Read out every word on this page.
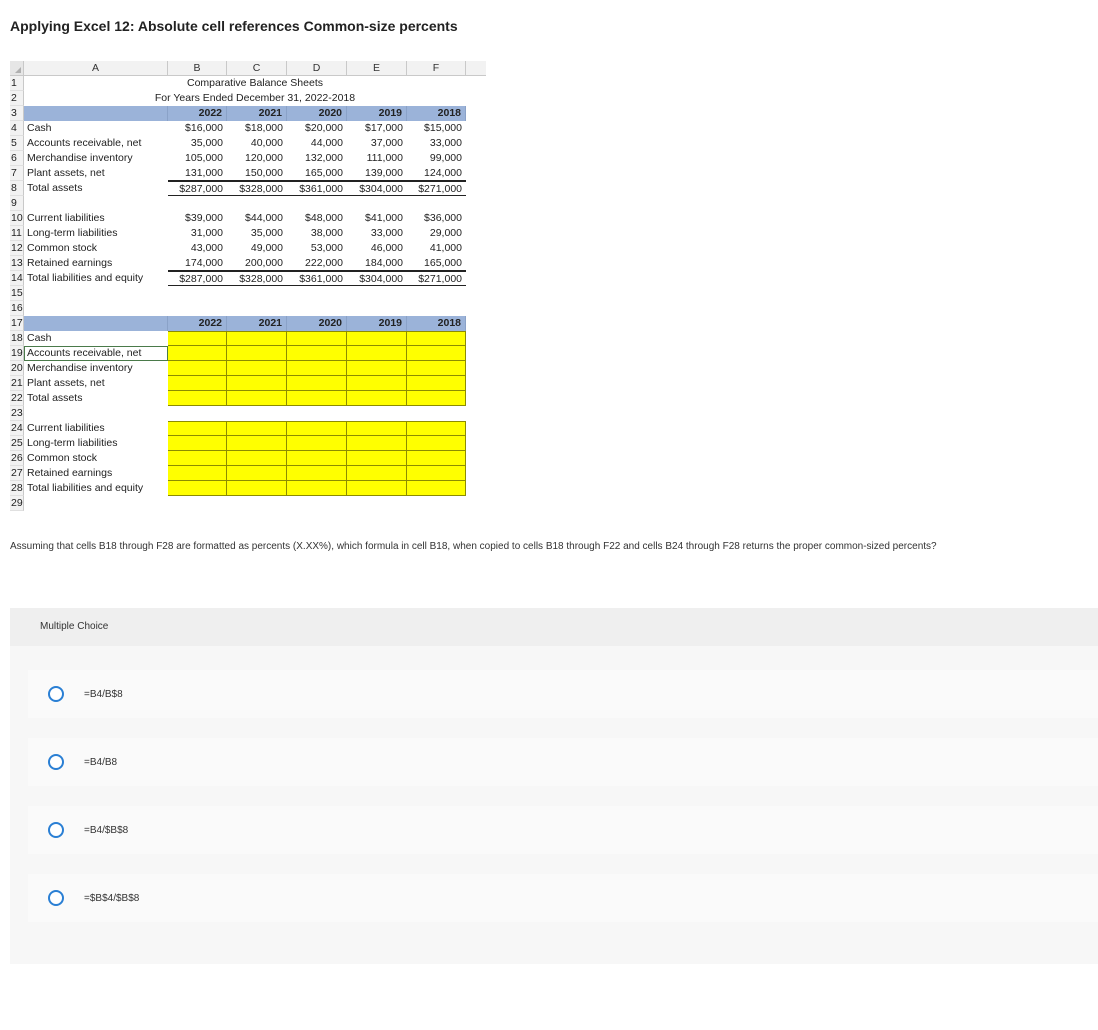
Applying Excel 12: Absolute cell references Common-size percents
A	B	C	D	E	F
1	Comparative Balance Sheets
2	For Years Ended December 31, 2022-2018
3	2022	2021	2020	2019	2018
4 Cash	$16,000	$18,000	$20,000	$17,000	$15,000
5 Accounts receivable, net	35,000	40,000	44,000	37,000	33,000
6 Merchandise inventory	105,000	120,000	132,000	111,000	99,000
7 Plant assets, net	131,000	150,000	165,000	139,000	124,000
8 Total assets	$287,000	$328,000	$361,000	$304,000	$271,000
9
10 Current liabilities	$39,000	$44,000	$48,000	$41,000	$36,000
11 Long-term liabilities	31,000	35,000	38,000	33,000	29,000
12 Common stock	43,000	49,000	53,000	46,000	41,000
13 Retained earnings	174,000	200,000	222,000	184,000	165,000
14 Total liabilities and equity	$287,000	$328,000	$361,000	$304,000	$271,000
15
16
17	2022	2021	2020	2019	2018
18 Cash
19 Accounts receivable, net
20 Merchandise inventory
21 Plant assets, net
22 Total assets
23
24 Current liabilities
25 Long-term liabilities
26 Common stock
27 Retained earnings
28 Total liabilities and equity
29
Assuming that cells B18 through F28 are formatted as percents (X.XX%), which formula in cell B18, when copied to cells B18 through F22 and cells B24 through F28 returns the proper common-sized percents?
Multiple Choice
=B4/B$8
=B4/B8
=B4/$B$8
=$B$4/$B$8
